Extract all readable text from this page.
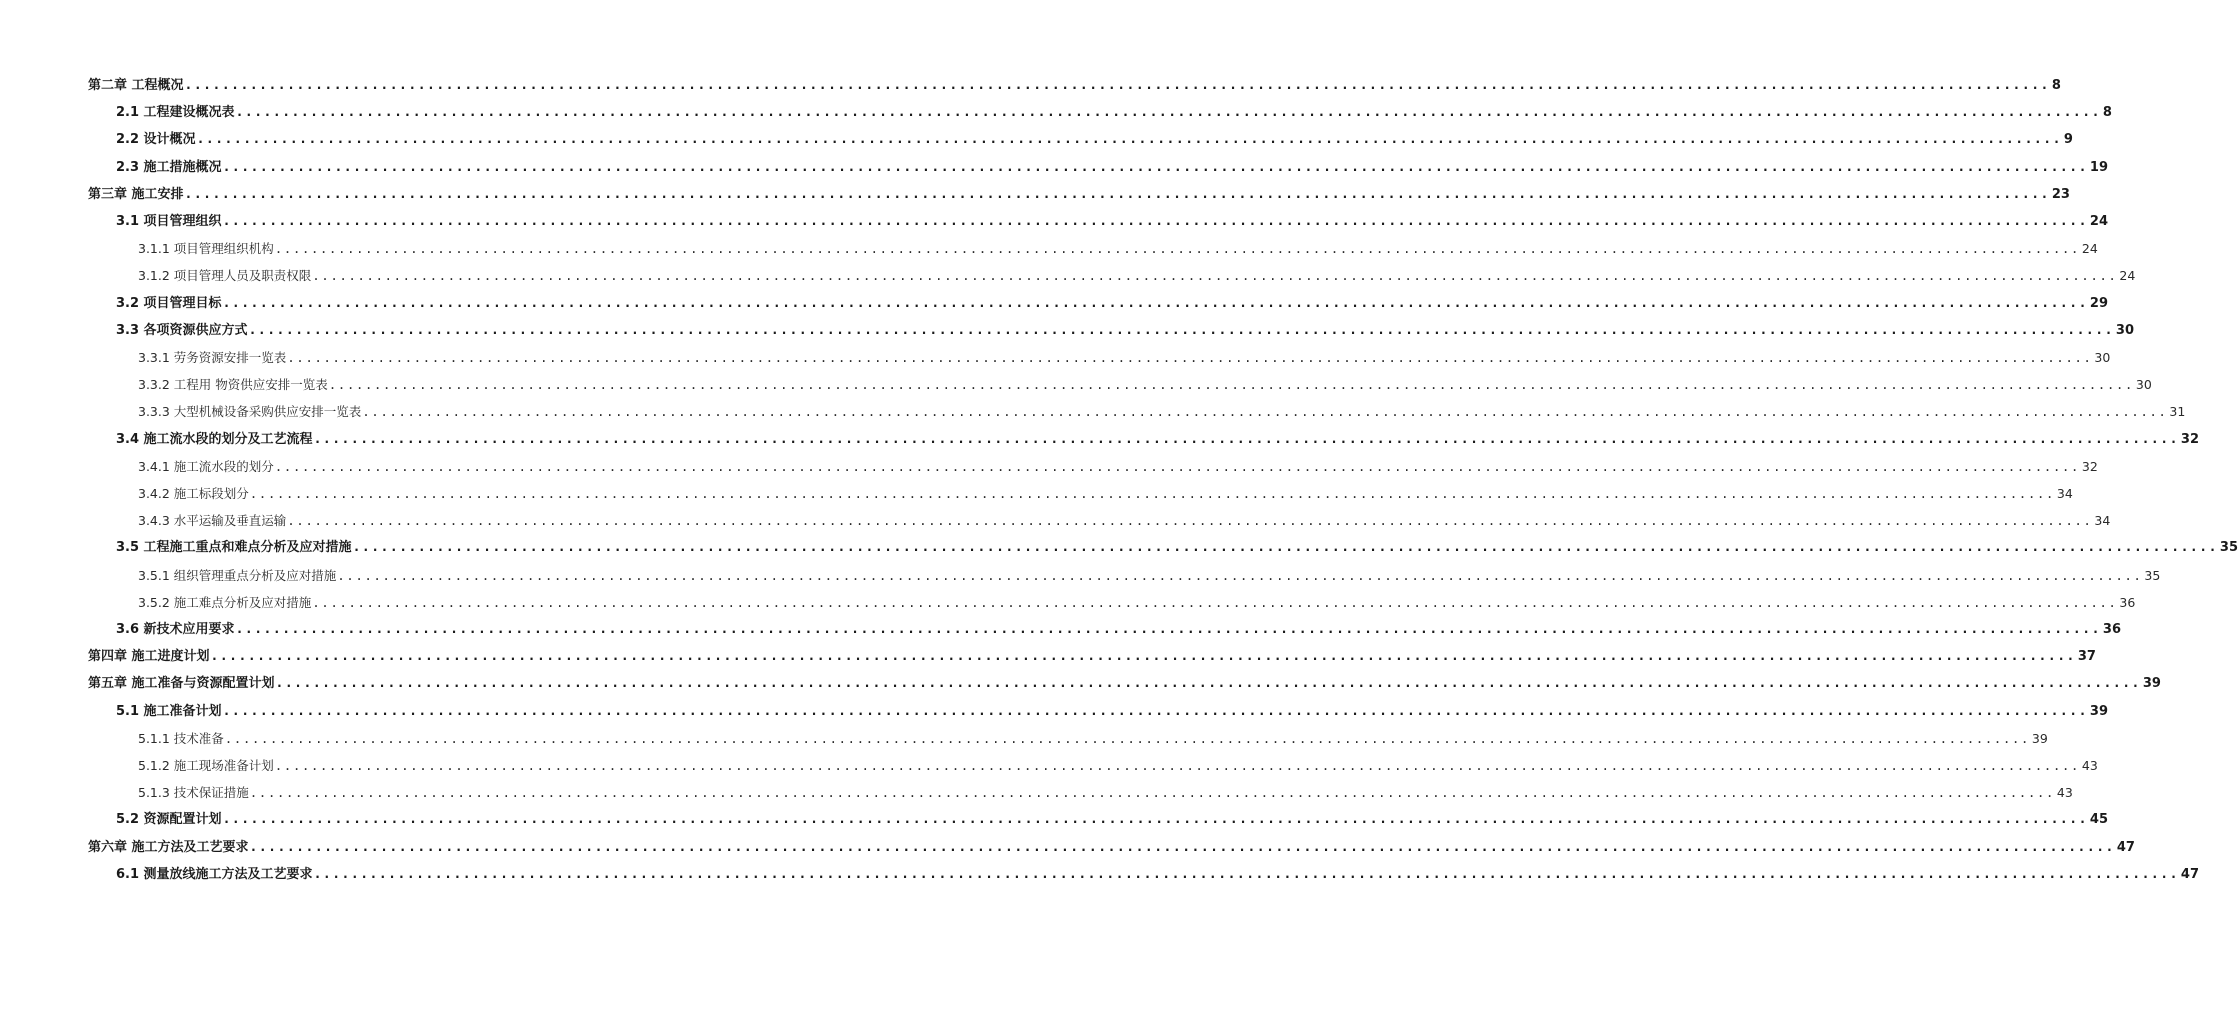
第二章 工程概况 ........................................................................................................................................................................................................ 8
2.1 工程建设概况表 ........................................................................................................................................................................................................ 8
2.2 设计概况 ........................................................................................................................................................................................................ 9
2.3 施工措施概况 ........................................................................................................................................................................................................ 19
第三章 施工安排 ........................................................................................................................................................................................................ 23
3.1 项目管理组织 ........................................................................................................................................................................................................ 24
3.1.1 项目管理组织机构 ........................................................................................................................................................................................................ 24
3.1.2 项目管理人员及职责权限 ........................................................................................................................................................................................................ 24
3.2 项目管理目标 ........................................................................................................................................................................................................ 29
3.3 各项资源供应方式 ........................................................................................................................................................................................................ 30
3.3.1 劳务资源安排一览表 ........................................................................................................................................................................................................ 30
3.3.2 工程用 物资供应安排一览表 ........................................................................................................................................................................................................ 30
3.3.3 大型机械设备采购供应安排一览表 ........................................................................................................................................................................................................ 31
3.4 施工流水段的划分及工艺流程 ........................................................................................................................................................................................................ 32
3.4.1 施工流水段的划分 ........................................................................................................................................................................................................ 32
3.4.2 施工标段划分 ........................................................................................................................................................................................................ 34
3.4.3 水平运输及垂直运输 ........................................................................................................................................................................................................ 34
3.5 工程施工重点和难点分析及应对措施 ........................................................................................................................................................................................................ 35
3.5.1 组织管理重点分析及应对措施 ........................................................................................................................................................................................................ 35
3.5.2 施工难点分析及应对措施 ........................................................................................................................................................................................................ 36
3.6 新技术应用要求 ........................................................................................................................................................................................................ 36
第四章 施工进度计划 ........................................................................................................................................................................................................ 37
第五章 施工准备与资源配置计划 ........................................................................................................................................................................................................ 39
5.1 施工准备计划 ........................................................................................................................................................................................................ 39
5.1.1 技术准备 ........................................................................................................................................................................................................ 39
5.1.2 施工现场准备计划 ........................................................................................................................................................................................................ 43
5.1.3 技术保证措施 ........................................................................................................................................................................................................ 43
5.2 资源配置计划 ........................................................................................................................................................................................................ 45
第六章 施工方法及工艺要求 ........................................................................................................................................................................................................ 47
6.1 测量放线施工方法及工艺要求 ........................................................................................................................................................................................................ 47
